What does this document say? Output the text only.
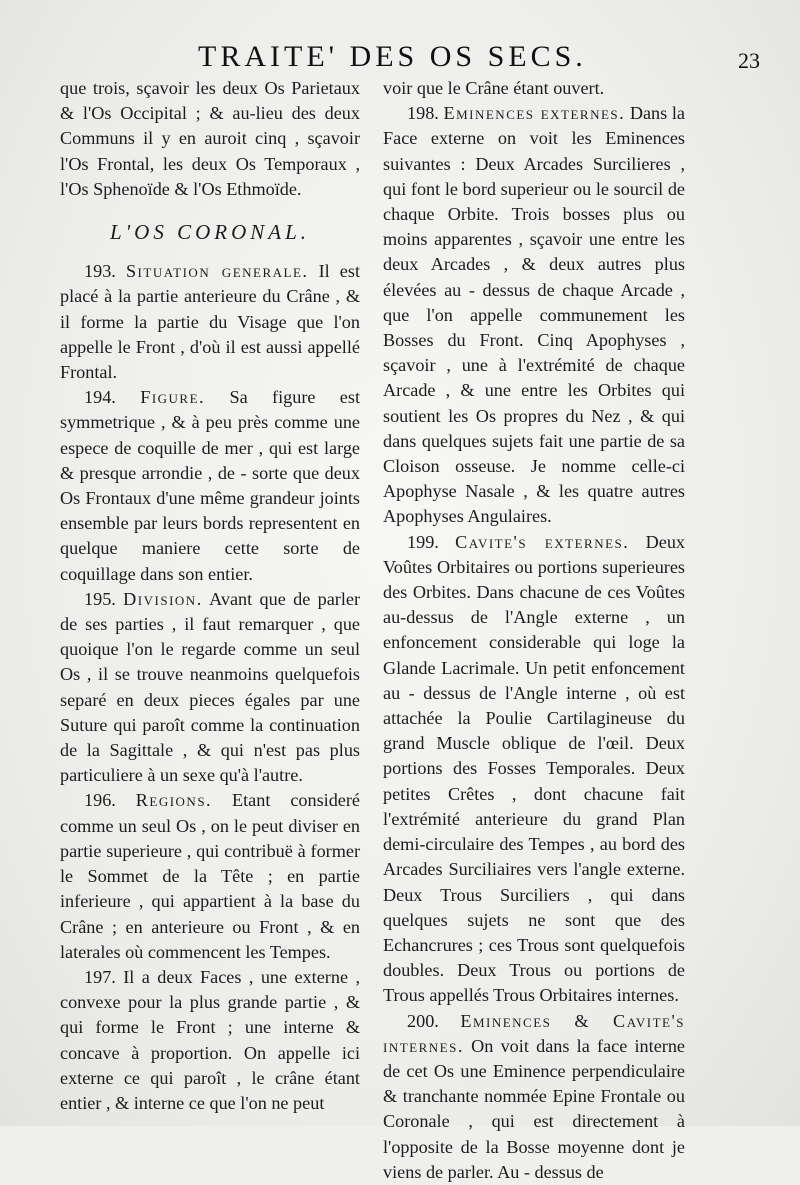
TRAITE' DES OS SECS.	23

que trois, sçavoir les deux Os Parietaux & l'Os Occipital ; & au-lieu des deux Communs il y en auroit cinq , sçavoir l'Os Frontal, les deux Os Temporaux , l'Os Sphenoïde & l'Os Ethmoïde.

L'OS CORONAL.

193. Situation generale. Il est placé à la partie anterieure du Crâne , & il forme la partie du Visage que l'on appelle le Front , d'où il est aussi appellé Frontal.

194. Figure. Sa figure est symmetrique , & à peu près comme une espece de coquille de mer , qui est large & presque arrondie , de - sorte que deux Os Frontaux d'une même grandeur joints ensemble par leurs bords representent en quelque maniere cette sorte de coquillage dans son entier.

195. Division. Avant que de parler de ses parties , il faut remarquer , que quoique l'on le regarde comme un seul Os , il se trouve neanmoins quelquefois separé en deux pieces égales par une Suture qui paroît comme la continuation de la Sagittale , & qui n'est pas plus particuliere à un sexe qu'à l'autre.

196. Regions. Etant consideré comme un seul Os , on le peut diviser en partie superieure , qui contribuë à former le Sommet de la Tête ; en partie inferieure , qui appartient à la base du Crâne ; en anterieure ou Front , & en laterales où commencent les Tempes.

197. Il a deux Faces , une externe , convexe pour la plus grande partie , & qui forme le Front ; une interne & concave à proportion. On appelle ici externe ce qui paroît , le crâne étant entier , & interne ce que l'on ne peut

voir que le Crâne étant ouvert.

198. Eminences externes. Dans la Face externe on voit les Eminences suivantes : Deux Arcades Surcilieres , qui font le bord superieur ou le sourcil de chaque Orbite. Trois bosses plus ou moins apparentes , sçavoir une entre les deux Arcades , & deux autres plus élevées au - dessus de chaque Arcade , que l'on appelle communement les Bosses du Front. Cinq Apophyses , sçavoir , une à l'extrémité de chaque Arcade , & une entre les Orbites qui soutient les Os propres du Nez , & qui dans quelques sujets fait une partie de sa Cloison osseuse. Je nomme celle-ci Apophyse Nasale , & les quatre autres Apophyses Angulaires.

199. Cavite's externes. Deux Voûtes Orbitaires ou portions superieures des Orbites. Dans chacune de ces Voûtes au-dessus de l'Angle externe , un enfoncement considerable qui loge la Glande Lacrimale. Un petit enfoncement au - dessus de l'Angle interne , où est attachée la Poulie Cartilagineuse du grand Muscle oblique de l'œil. Deux portions des Fosses Temporales. Deux petites Crêtes , dont chacune fait l'extrémité anterieure du grand Plan demi-circulaire des Tempes , au bord des Arcades Surciliaires vers l'angle externe. Deux Trous Surciliers , qui dans quelques sujets ne sont que des Echancrures ; ces Trous sont quelquefois doubles. Deux Trous ou portions de Trous appellés Trous Orbitaires internes.

200. Eminences & Cavite's internes. On voit dans la face interne de cet Os une Eminence perpendiculaire & tranchante nommée Epine Frontale ou Coronale , qui est directement à l'opposite de la Bosse moyenne dont je viens de parler. Au - dessus de
